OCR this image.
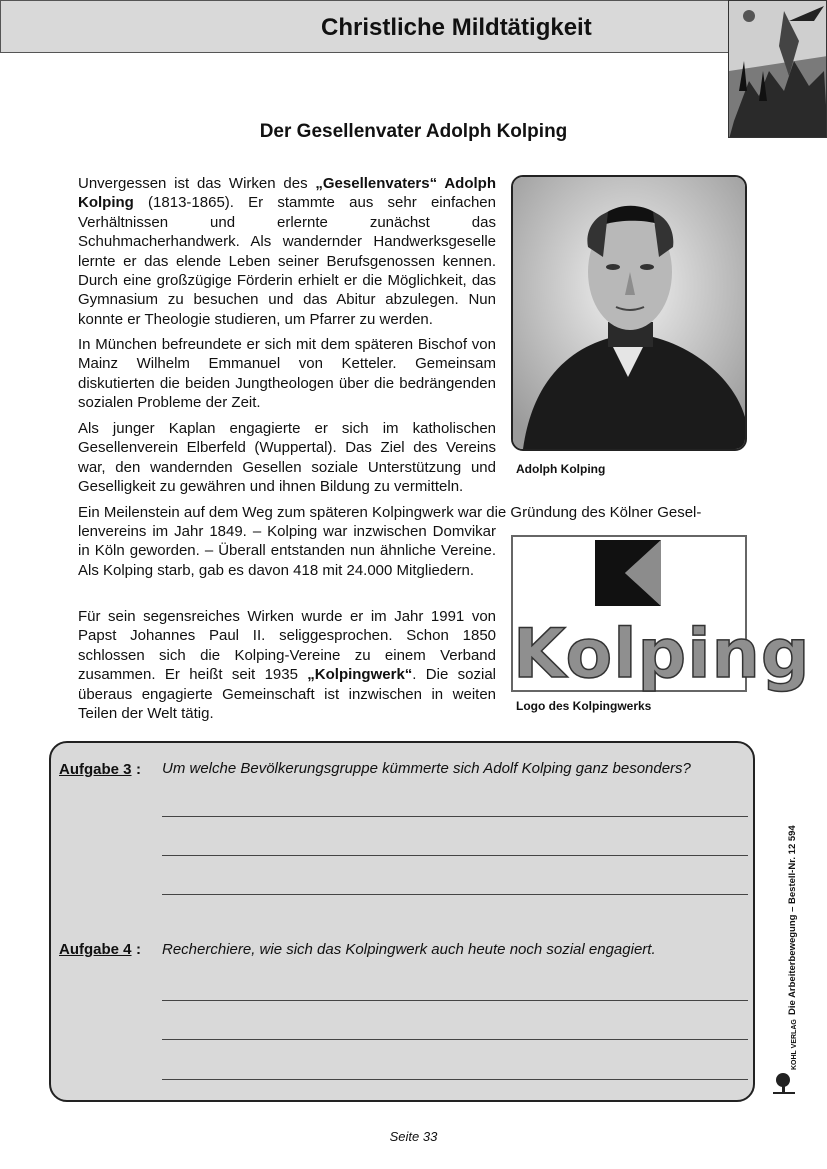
Christliche Mildtätigkeit
Der Gesellenvater Adolph Kolping

Unvergessen ist das Wirken des „Gesellenvaters“ Adolph Kolping (1813-1865). Er stammte aus sehr einfachen Verhältnissen und erlernte zunächst das Schuhmacherhandwerk. Als wandernder Handwerksgeselle lernte er das elende Leben seiner Berufsgenossen kennen. Durch eine großzügige Förderin erhielt er die Möglichkeit, das Gymnasium zu besuchen und das Abitur abzulegen. Nun konnte er Theologie studieren, um Pfarrer zu werden.

In München befreundete er sich mit dem späteren Bischof von Mainz Wilhelm Emmanuel von Ketteler. Gemeinsam diskutierten die beiden Jungtheologen über die bedrängenden sozialen Probleme der Zeit.

Als junger Kaplan engagierte er sich im katholischen Gesellenverein Elberfeld (Wuppertal). Das Ziel des Vereins war, den wandernden Gesellen soziale Unterstützung und Geselligkeit zu gewähren und ihnen Bildung zu vermitteln.

Ein Meilenstein auf dem Weg zum späteren Kolpingwerk war die Gründung des Kölner Gesel-

lenvereins im Jahr 1849. – Kolping war inzwischen Domvikar in Köln geworden. – Überall entstanden nun ähnliche Vereine. Als Kolping starb, gab es davon 418 mit 24.000 Mitgliedern.

Für sein segensreiches Wirken wurde er im Jahr 1991 von Papst Johannes Paul II. seliggesprochen. Schon 1850 schlossen sich die Kolping-Vereine zu einem Verband zusammen. Er heißt seit 1935 „Kolpingwerk“. Die sozial überaus engagierte Gemeinschaft ist inzwischen in weiten Teilen der Welt tätig.

Adolph Kolping
Kolping
Logo des Kolpingwerks
Aufgabe 3 :
Aufgabe 4 :
Um welche Bevölkerungsgruppe kümmerte sich Adolf Kolping ganz besonders?
Recherchiere, wie sich das Kolpingwerk auch heute noch sozial engagiert.	Die Arbeiterbewegung – Bestell-Nr. 12 594
KOHL VERLAG
Seite 33
